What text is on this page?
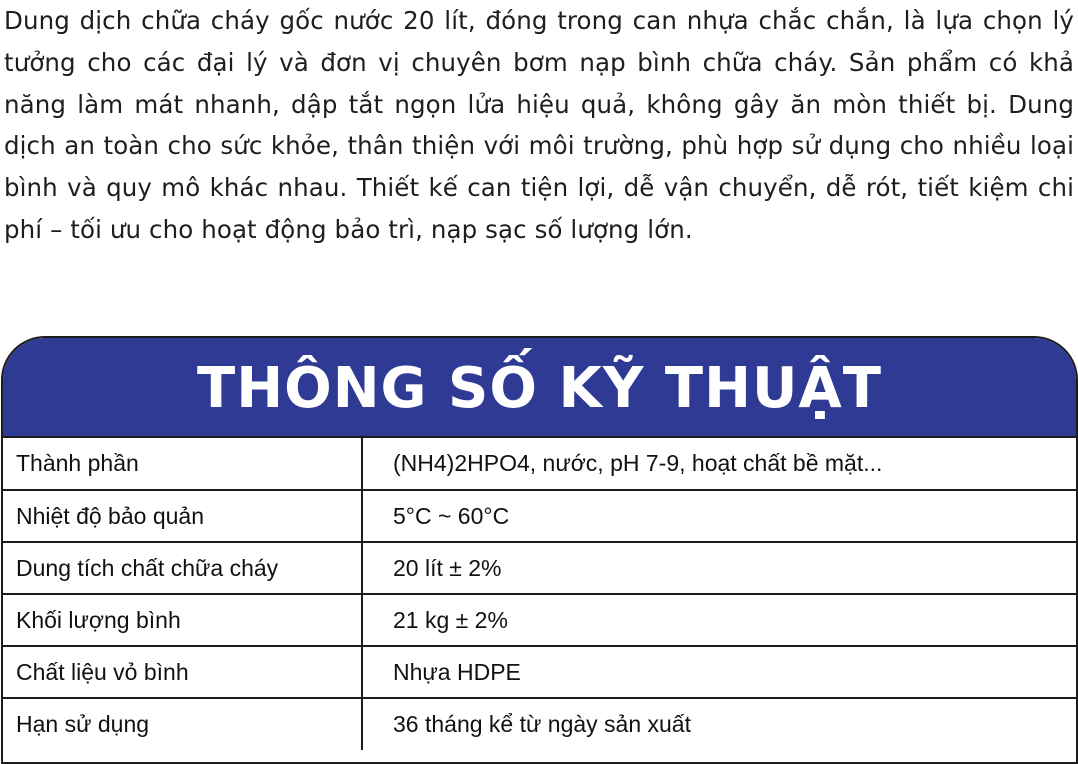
Dung dịch chữa cháy gốc nước 20 lít, đóng trong can nhựa chắc chắn, là lựa chọn lý tưởng cho các đại lý và đơn vị chuyên bơm nạp bình chữa cháy. Sản phẩm có khả năng làm mát nhanh, dập tắt ngọn lửa hiệu quả, không gây ăn mòn thiết bị. Dung dịch an toàn cho sức khỏe, thân thiện với môi trường, phù hợp sử dụng cho nhiều loại bình và quy mô khác nhau. Thiết kế can tiện lợi, dễ vận chuyển, dễ rót, tiết kiệm chi phí – tối ưu cho hoạt động bảo trì, nạp sạc số lượng lớn.

THÔNG SỐ KỸ THUẬT
Thành phần	(NH4)2HPO4, nước, pH 7-9, hoạt chất bề mặt...
Nhiệt độ bảo quản	5°C ~ 60°C
Dung tích chất chữa cháy	20 lít ± 2%
Khối lượng bình	21 kg ± 2%
Chất liệu vỏ bình	Nhựa HDPE
Hạn sử dụng	36 tháng kể từ ngày sản xuất
